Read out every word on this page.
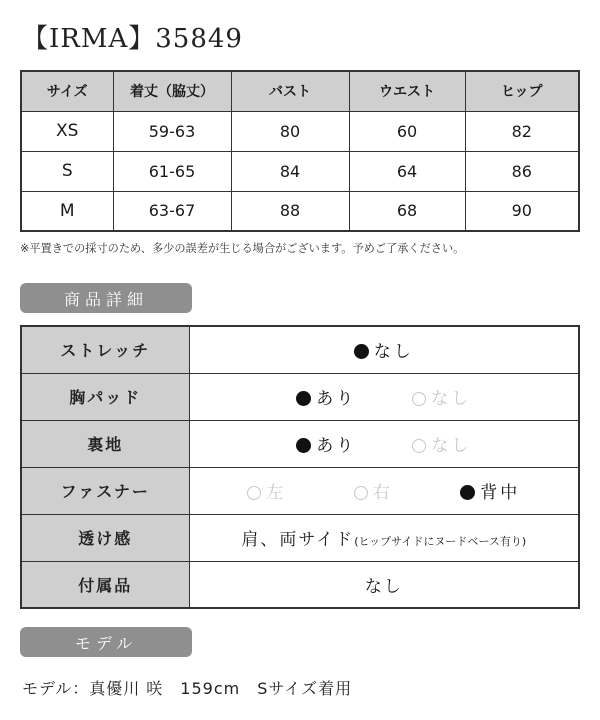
【IRMA】35849
サイズ	着丈（脇丈）	バスト	ウエスト	ヒップ
XS	59-63	80	60	82
S	61-65	84	64	86
M	63-67	88	68	90
※平置きでの採寸のため、多少の誤差が生じる場合がございます。予めご了承ください。
商品詳細
ストレッチ	なし

胸パッド	あり なし

裏地	あり なし

ファスナー	左 右 背中

透け感	肩、両サイド(ヒップサイドにヌードベース有り)
付属品	なし
モデル
モデル：真優川 咲　159cm　Sサイズ着用
